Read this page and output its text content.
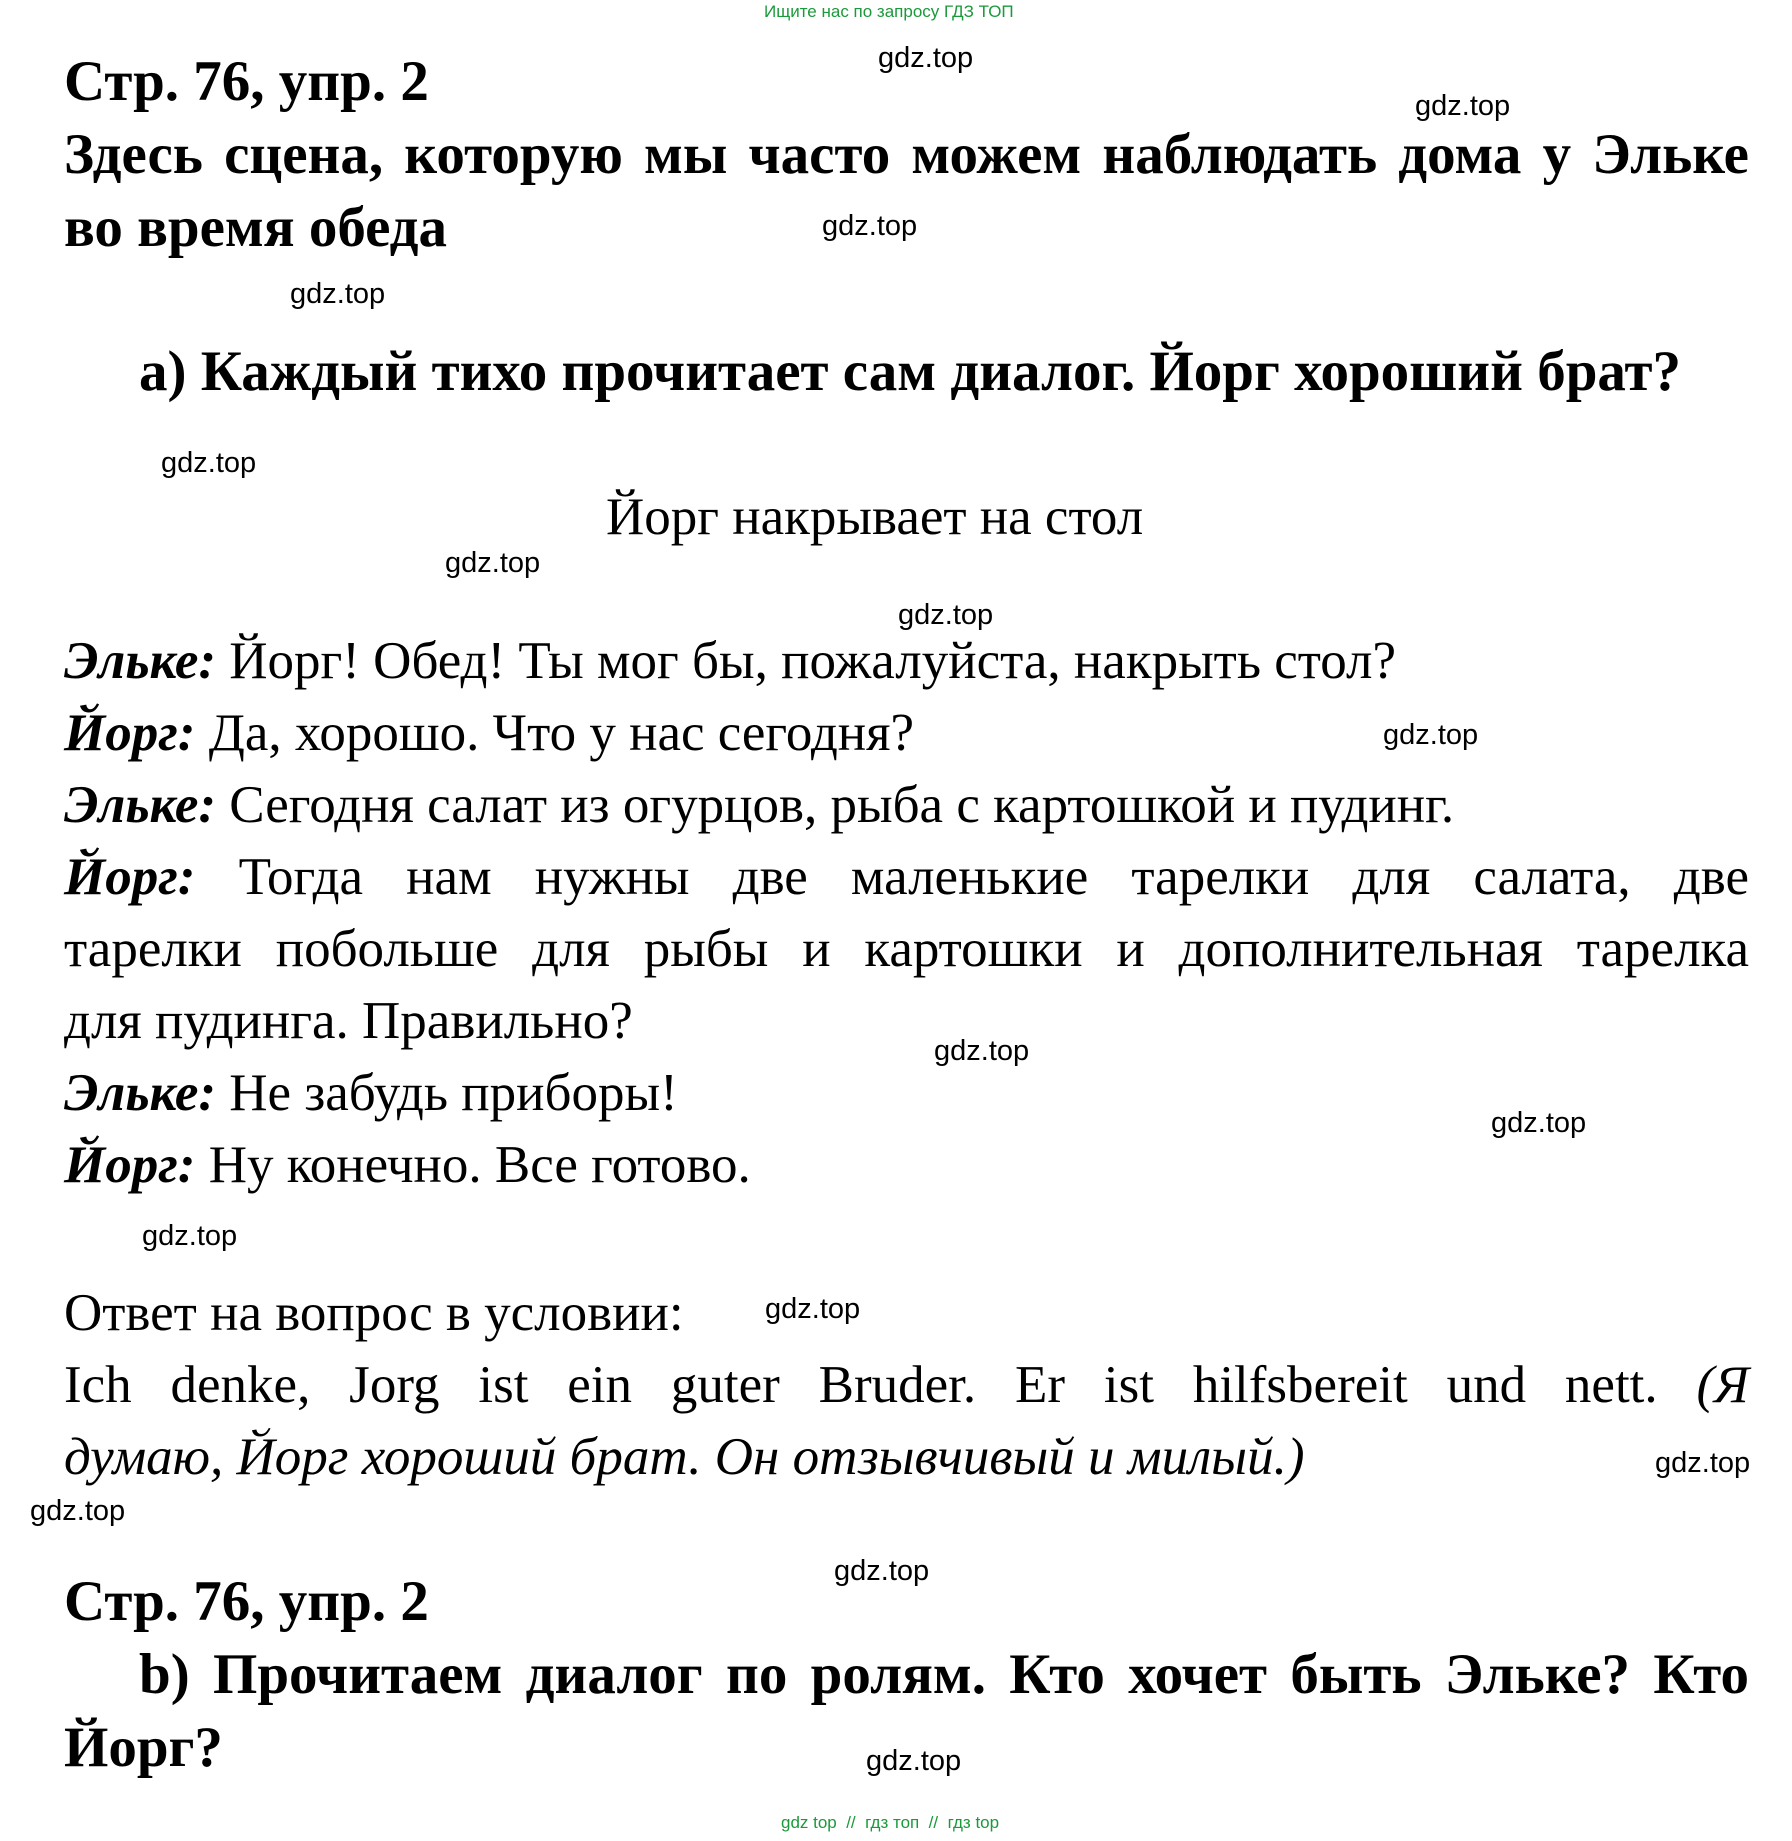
Ищите нас по запросу ГДЗ ТОП
Стр. 76, упр. 2
Здесь сцена, которую мы часто можем наблюдать дома у Эльке
во время обеда
а) Каждый тихо прочитает сам диалог. Йорг хороший брат?
Йорг накрывает на стол
Эльке: Йорг! Обед! Ты мог бы, пожалуйста, накрыть стол?
Йорг: Да, хорошо. Что у нас сегодня?
Эльке: Сегодня салат из огурцов, рыба с картошкой и пудинг.
Йорг: Тогда нам нужны две маленькие тарелки для салата, две
тарелки побольше для рыбы и картошки и дополнительная тарелка
для пудинга. Правильно?
Эльке: Не забудь приборы!
Йорг: Ну конечно. Все готово.
Ответ на вопрос в условии:
Ich denke, Jorg ist ein guter Bruder. Er ist hilfsbereit und nett. (Я
думаю, Йорг хороший брат. Он отзывчивый и милый.)
Стр. 76, упр. 2
b) Прочитаем диалог по ролям. Кто хочет быть Эльке? Кто
Йорг?
gdz.top
gdz.top
gdz.top
gdz.top
gdz.top
gdz.top
gdz.top
gdz.top
gdz.top
gdz.top
gdz.top
gdz.top
gdz.top
gdz.top
gdz.top
gdz.top
gdz top  //  гдз топ  //  гдз top
